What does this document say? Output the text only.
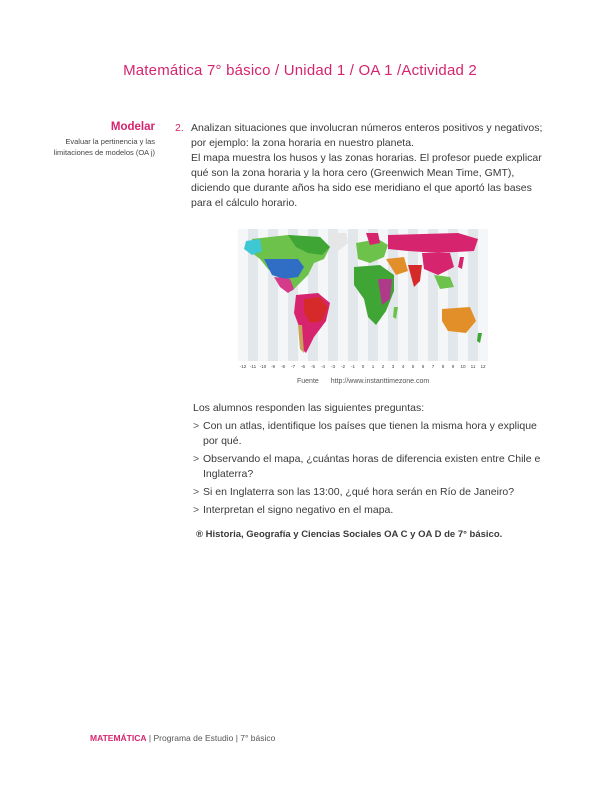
Matemática 7° básico / Unidad 1 / OA 1 /Actividad 2
Modelar
Evaluar la pertinencia y las limitaciones de modelos (OA j)
2. Analizan situaciones que involucran números enteros positivos y negativos; por ejemplo: la zona horaria en nuestro planeta.

El mapa muestra los husos y las zonas horarias. El profesor puede explicar qué son la zona horaria y la hora cero (Greenwich Mean Time, GMT), diciendo que durante años ha sido ese meridiano el que aportó las bases para el cálculo horario.

-12 -11 -10 -9 -8 -7 -6 -5 -4 -3 -2 -1 0 1 2 3 4 5 6 7 8 9 10 11 12
Fuente http://www.instanttimezone.com

Los alumnos responden las siguientes preguntas:

> Con un atlas, identifique los países que tienen la misma hora y explique por qué.
> Observando el mapa, ¿cuántas horas de diferencia existen entre Chile e Inglaterra?
> Si en Inglaterra son las 13:00, ¿qué hora serán en Río de Janeiro?
> Interpretan el signo negativo en el mapa.
® Historia, Geografía y Ciencias Sociales OA C y OA D de 7° básico.
MATEMÁTICA | Programa de Estudio | 7° básico
